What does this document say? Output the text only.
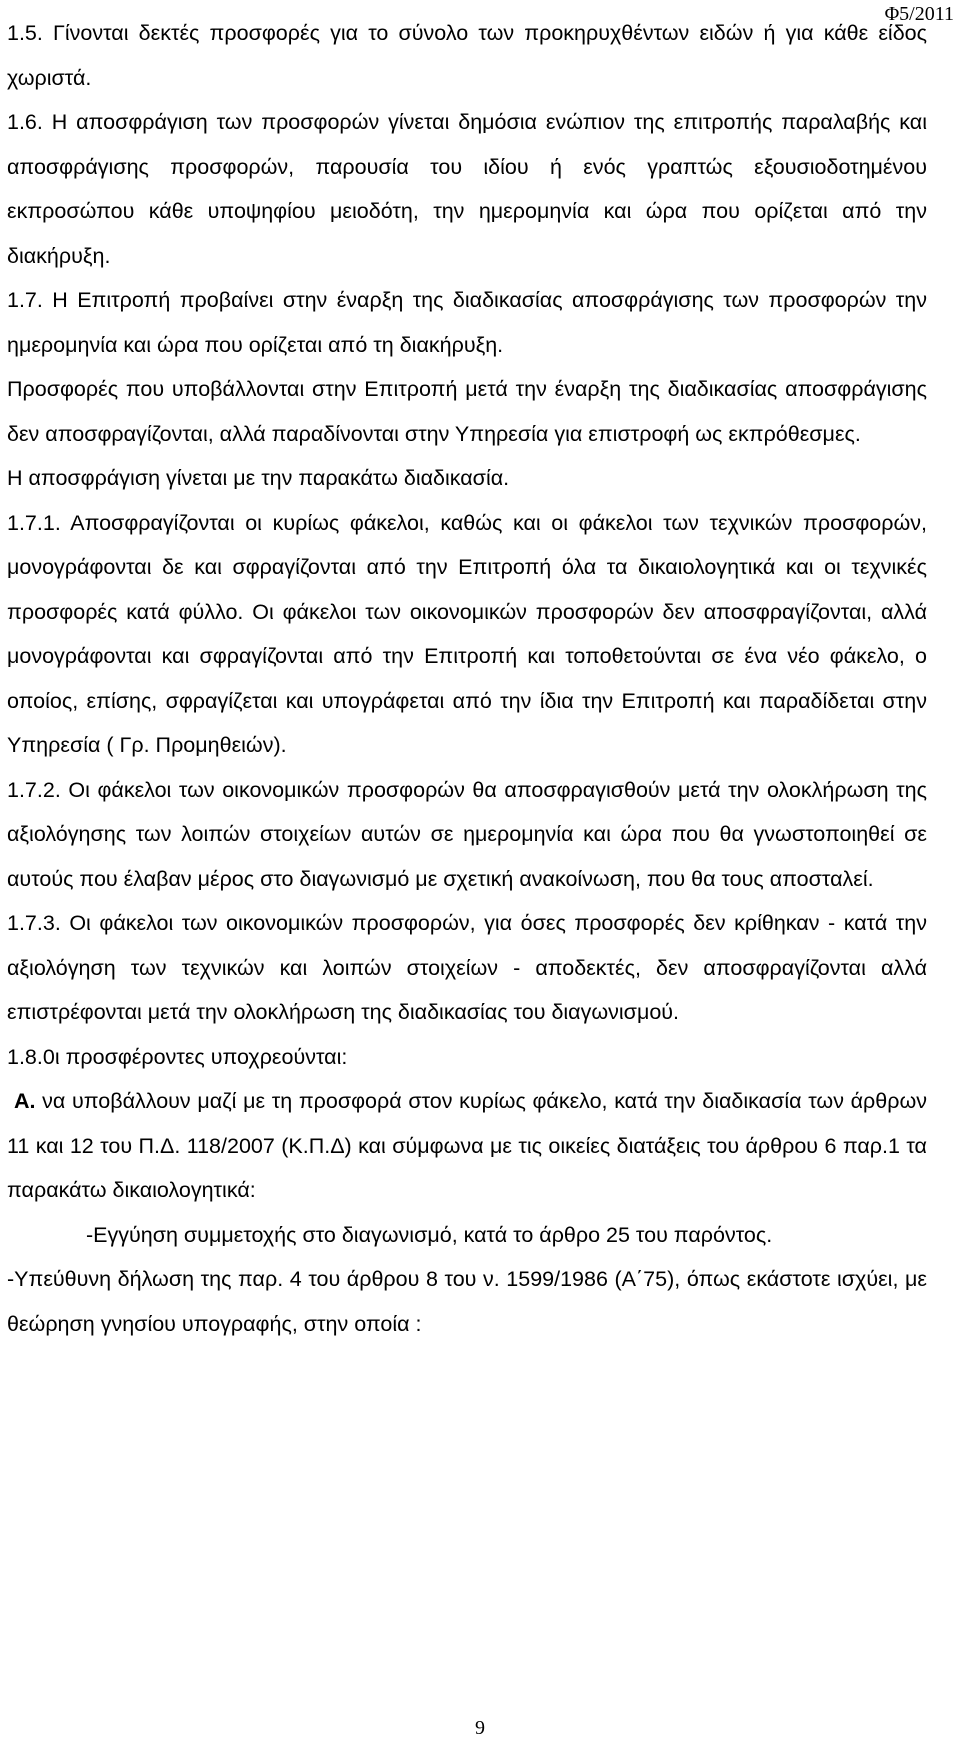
Φ5/2011

1.5. Γίνονται δεκτές προσφορές για το σύνολο των προκηρυχθέντων ειδών ή για κάθε είδος χωριστά.

1.6. Η αποσφράγιση των προσφορών γίνεται δημόσια ενώπιον της επιτροπής παραλαβής και αποσφράγισης προσφορών, παρουσία του ιδίου ή ενός γραπτώς εξουσιοδοτημένου εκπροσώπου κάθε υποψηφίου μειοδότη, την ημερομηνία και ώρα που ορίζεται από την διακήρυξη.

1.7. Η Επιτροπή προβαίνει στην έναρξη της διαδικασίας αποσφράγισης των προσφορών την ημερομηνία και ώρα που ορίζεται από τη διακήρυξη.

Προσφορές που υποβάλλονται στην Επιτροπή μετά την έναρξη της διαδικασίας αποσφράγισης δεν αποσφραγίζονται, αλλά παραδίνονται στην Υπηρεσία για επιστροφή ως εκπρόθεσμες.

Η αποσφράγιση γίνεται με την παρακάτω διαδικασία.

1.7.1. Αποσφραγίζονται οι κυρίως φάκελοι, καθώς και οι φάκελοι των τεχνικών προσφορών, μονογράφονται δε και σφραγίζονται από την Επιτροπή όλα τα δικαιολογητικά και οι τεχνικές προσφορές κατά φύλλο. Οι φάκελοι των οικονομικών προσφορών δεν αποσφραγίζονται, αλλά μονογράφονται και σφραγίζονται από την Επιτροπή και τοποθετούνται σε ένα νέο φάκελο, ο οποίος, επίσης, σφραγίζεται και υπογράφεται από την ίδια την Επιτροπή και παραδίδεται στην Υπηρεσία ( Γρ. Προμηθειών).

1.7.2. Οι φάκελοι των οικονομικών προσφορών θα αποσφραγισθούν μετά την ολοκλήρωση της αξιολόγησης των λοιπών στοιχείων αυτών σε ημερομηνία και ώρα που θα γνωστοποιηθεί σε αυτούς που έλαβαν μέρος στο διαγωνισμό με σχετική ανακοίνωση, που θα τους αποσταλεί.

1.7.3. Οι φάκελοι των οικονομικών προσφορών, για όσες προσφορές δεν κρίθηκαν - κατά την αξιολόγηση των τεχνικών και λοιπών στοιχείων - αποδεκτές, δεν αποσφραγίζονται αλλά επιστρέφονται μετά την ολοκλήρωση της διαδικασίας του διαγωνισμού.

1.8.0ι προσφέροντες υποχρεούνται:

Α. να υποβάλλουν μαζί με τη προσφορά στον κυρίως φάκελο, κατά την διαδικασία των άρθρων 11 και 12 του Π.Δ. 118/2007 (Κ.Π.Δ) και σύμφωνα με τις οικείες διατάξεις του άρθρου 6 παρ.1 τα παρακάτω δικαιολογητικά:

-Εγγύηση συμμετοχής στο διαγωνισμό, κατά το άρθρο 25 του παρόντος.

-Υπεύθυνη δήλωση της παρ. 4 του άρθρου 8 του ν. 1599/1986 (Α΄75), όπως εκάστοτε ισχύει, με θεώρηση γνησίου υπογραφής, στην οποία :

9
